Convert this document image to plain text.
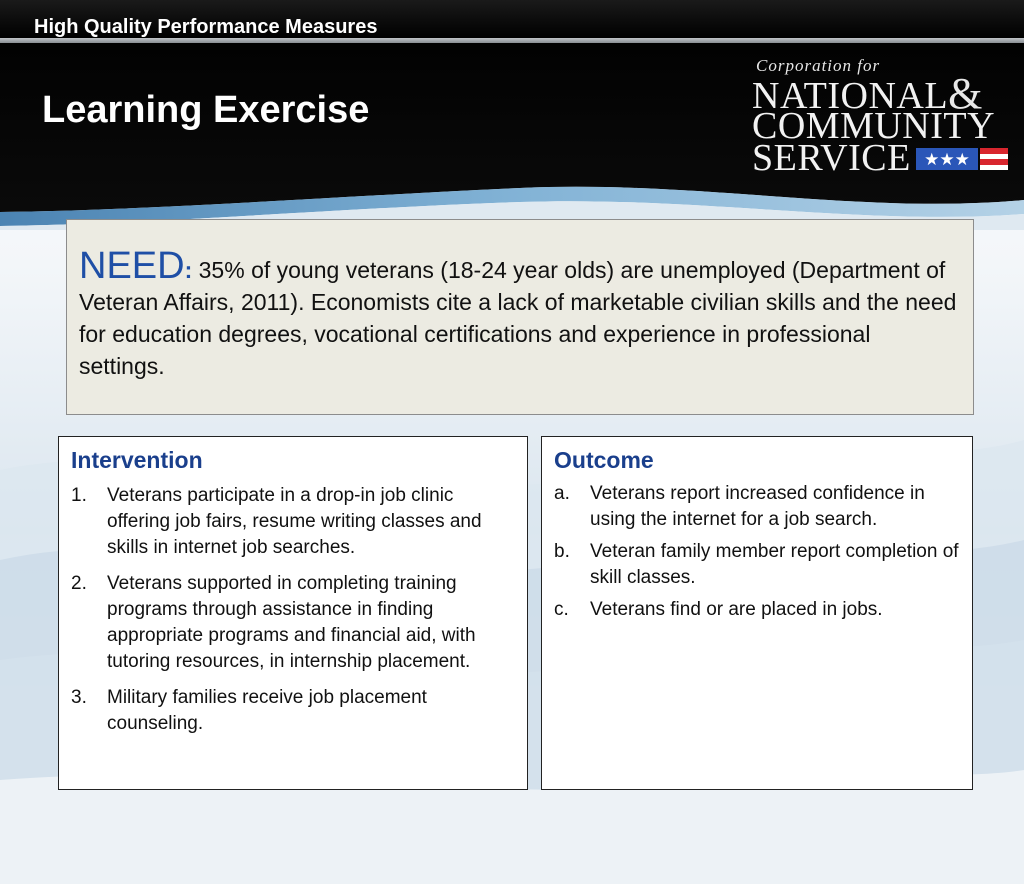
High Quality Performance Measures
Learning Exercise
Corporation for
NATIONAL&
COMMUNITY
SERVICE ★★★
NEED: 35% of young veterans (18-24 year olds) are unemployed (Department of Veteran Affairs, 2011). Economists cite a lack of marketable civilian skills and the need for education degrees, vocational certifications and experience in professional settings.
Intervention
1. Veterans participate in a drop-in job clinic offering job fairs, resume writing classes and skills in internet job searches.
2. Veterans supported in completing training programs through assistance in finding appropriate programs and financial aid, with tutoring resources, in internship placement.
3. Military families receive job placement counseling.
Outcome
a. Veterans report increased confidence in using the internet for a job search.
b. Veteran family member report completion of skill classes.
c. Veterans find or are placed in jobs.
